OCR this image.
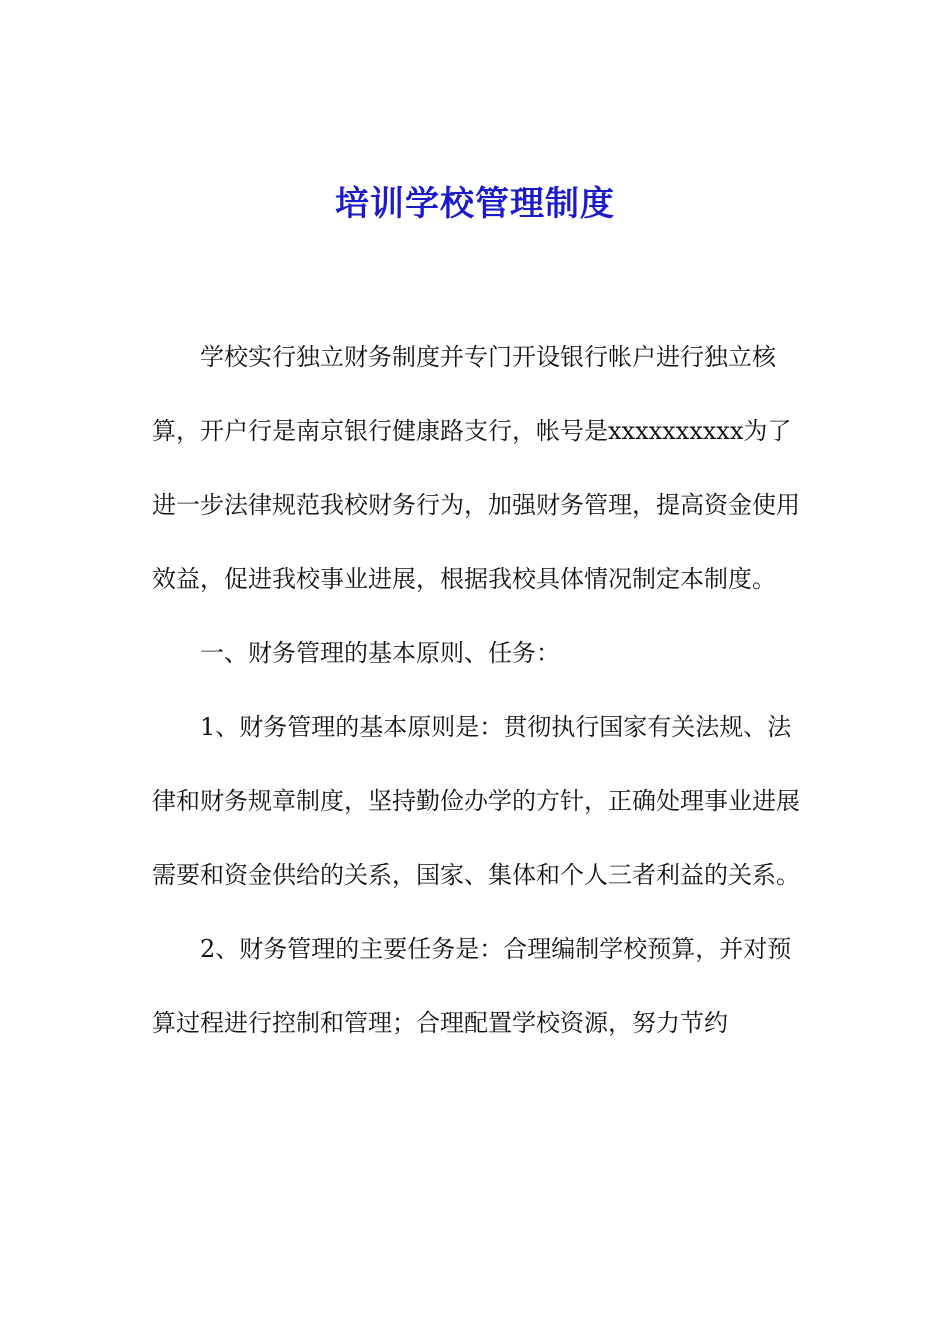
培训学校管理制度

学校实行独立财务制度并专门开设银行帐户进行独立核算，开户行是南京银行健康路支行，帐号是xxxxxxxxxx为了进一步法律规范我校财务行为，加强财务管理，提高资金使用效益，促进我校事业进展，根据我校具体情况制定本制度。

一、财务管理的基本原则、任务：

1、财务管理的基本原则是：贯彻执行国家有关法规、法律和财务规章制度，坚持勤俭办学的方针，正确处理事业进展需要和资金供给的关系，国家、集体和个人三者利益的关系。

2、财务管理的主要任务是：合理编制学校预算，并对预算过程进行控制和管理；合理配置学校资源，努力节约
